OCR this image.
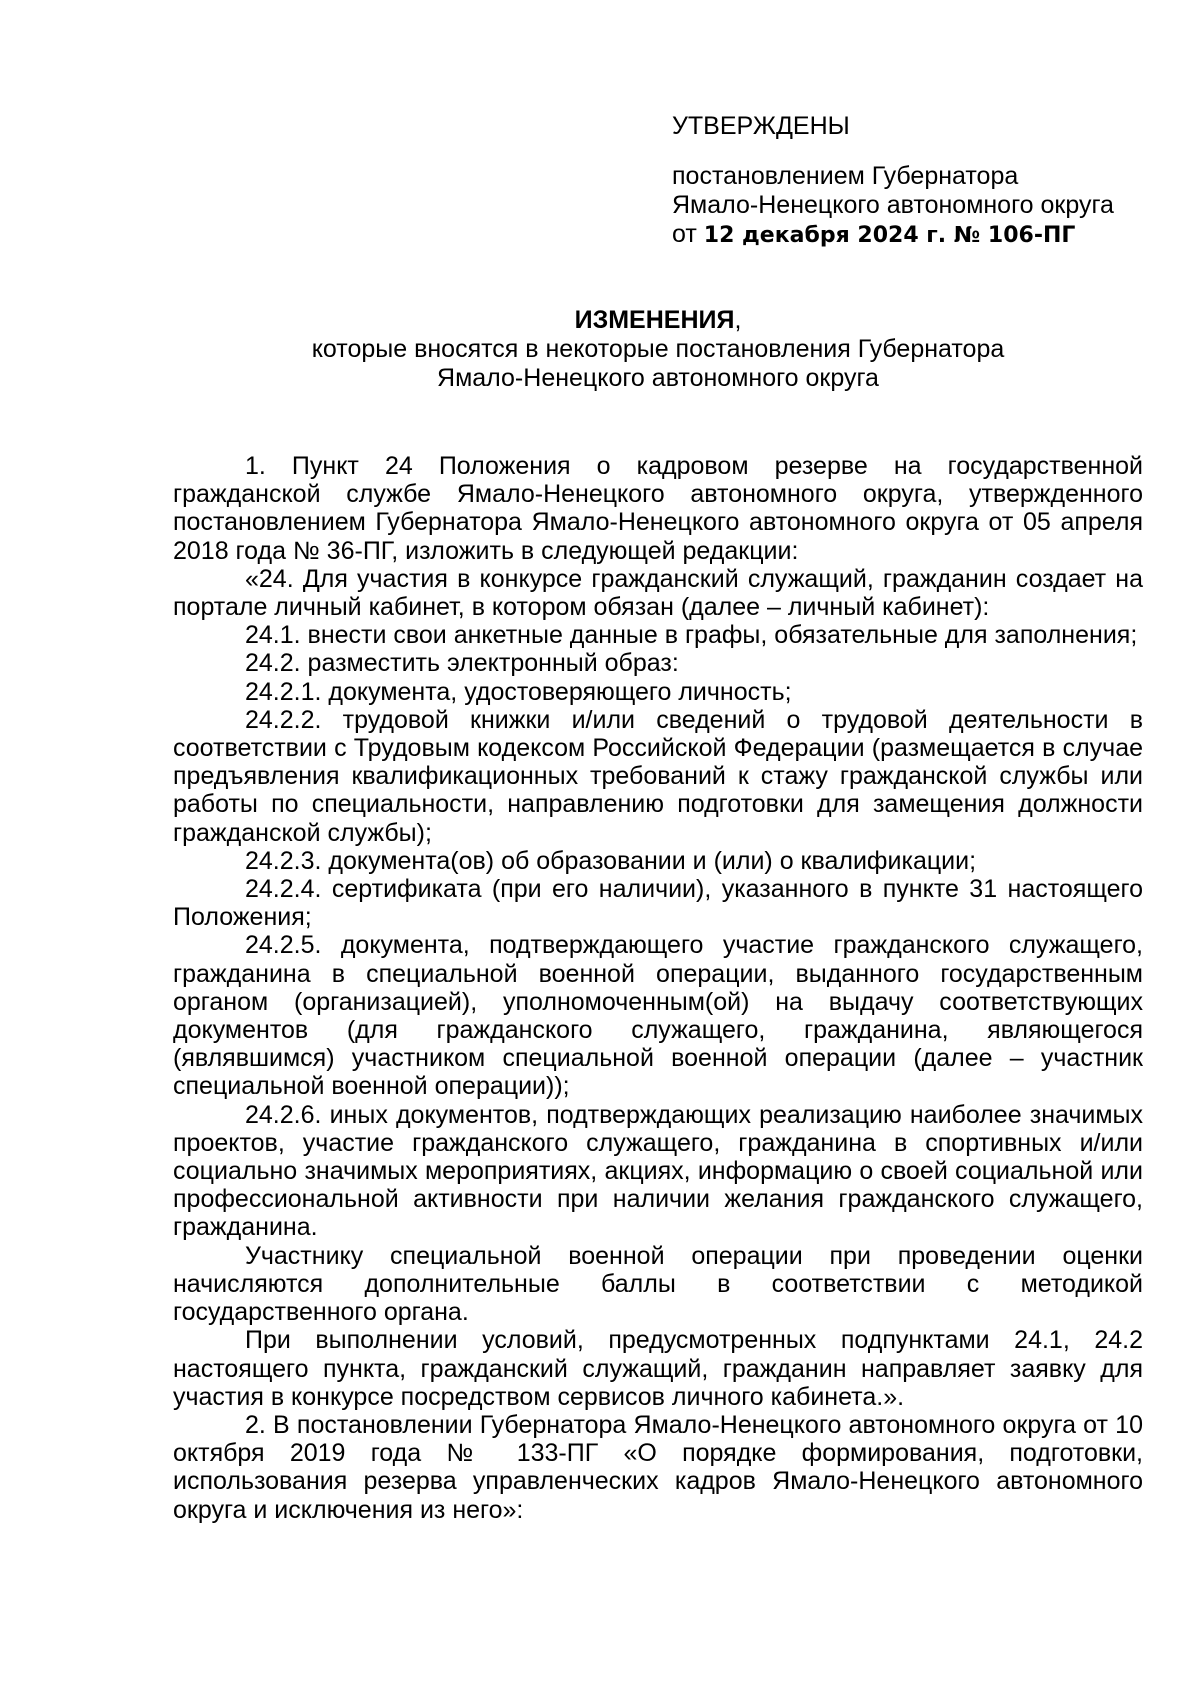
УТВЕРЖДЕНЫ

постановлением Губернатора

Ямало-Ненецкого автономного округа

от 12 декабря 2024 г. № 106-ПГ

ИЗМЕНЕНИЯ,

которые вносятся в некоторые постановления Губернатора

Ямало-Ненецкого автономного округа

1. Пункт 24 Положения о кадровом резерве на государственной гражданской службе Ямало-Ненецкого автономного округа, утвержденного постановлением Губернатора Ямало-Ненецкого автономного округа от 05 апреля 2018 года № 36-ПГ, изложить в следующей редакции:

«24. Для участия в конкурсе гражданский служащий, гражданин создает на портале личный кабинет, в котором обязан (далее – личный кабинет):

24.1. внести свои анкетные данные в графы, обязательные для заполнения;

24.2. разместить электронный образ:

24.2.1. документа, удостоверяющего личность;

24.2.2. трудовой книжки и/или сведений о трудовой деятельности в соответствии с Трудовым кодексом Российской Федерации (размещается в случае предъявления квалификационных требований к стажу гражданской службы или работы по специальности, направлению подготовки для замещения должности гражданской службы);

24.2.3. документа(ов) об образовании и (или) о квалификации;

24.2.4. сертификата (при его наличии), указанного в пункте 31 настоящего Положения;

24.2.5. документа, подтверждающего участие гражданского служащего, гражданина в специальной военной операции, выданного государственным органом (организацией), уполномоченным(ой) на выдачу соответствующих документов (для гражданского служащего, гражданина, являющегося (являвшимся) участником специальной военной операции (далее – участник специальной военной операции));

24.2.6. иных документов, подтверждающих реализацию наиболее значимых проектов, участие гражданского служащего, гражданина в спортивных и/или социально значимых мероприятиях, акциях, информацию о своей социальной или профессиональной активности при наличии желания гражданского служащего, гражданина.

Участнику специальной военной операции при проведении оценки начисляются дополнительные баллы в соответствии с методикой государственного органа.

При выполнении условий, предусмотренных подпунктами 24.1, 24.2 настоящего пункта, гражданский служащий, гражданин направляет заявку для участия в конкурсе посредством сервисов личного кабинета.».

2. В постановлении Губернатора Ямало-Ненецкого автономного округа от 10 октября 2019 года № 133-ПГ «О порядке формирования, подготовки, использования резерва управленческих кадров Ямало-Ненецкого автономного округа и исключения из него»:
